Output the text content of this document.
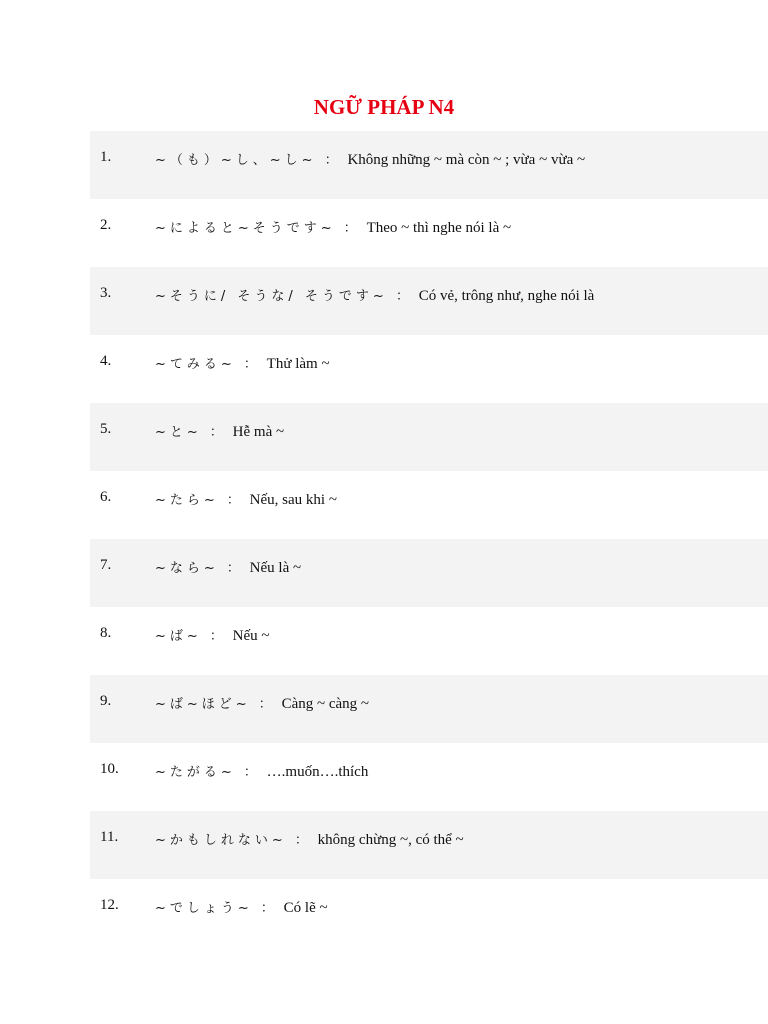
NGỮ PHÁP N4
1.	~（も）~し、~し~ ： Không những ~ mà còn ~ ; vừa ~ vừa ~
2.	~によると~そうです~ ： Theo ~ thì nghe nói là ~
3.	~そうに/ そうな/ そうです~ ： Có vẻ, trông như, nghe nói là
4.	~てみる~ ： Thử làm ~
5.	~と~ ： Hễ mà ~
6.	~たら~ ： Nếu, sau khi ~
7.	~なら~ ： Nếu là ~
8.	~ば~ ： Nếu ~
9.	~ば~ほど~ ： Càng ~ càng ~
10.	~たがる~ ： ….muốn….thích
11.	~かもしれない~ ： không chừng ~, có thể ~
12.	~でしょう~ ： Có lẽ ~
